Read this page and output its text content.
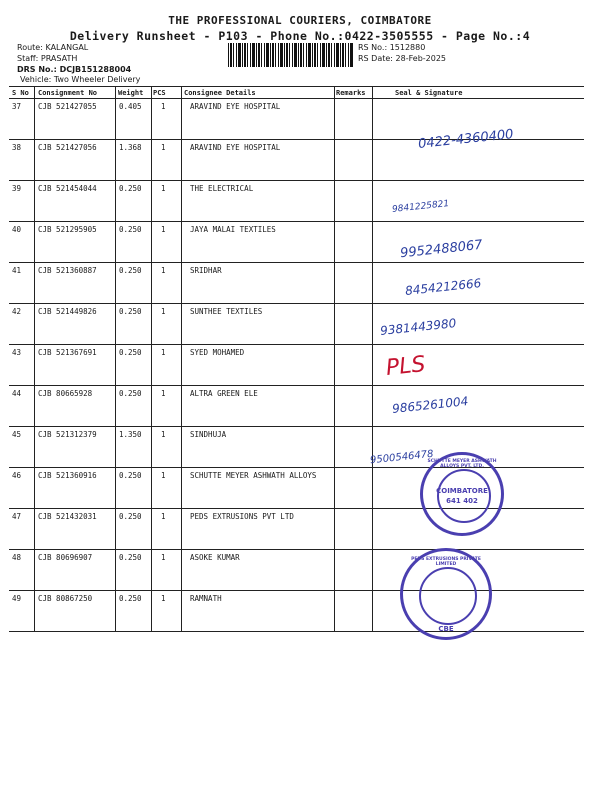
THE PROFESSIONAL COURIERS, COIMBATORE
Delivery Runsheet - P103 - Phone No.:0422-3505555 - Page No.:4
Route: KALANGAL
Staff: PRASATH
DRS No.: DCJB151288004
Vehicle: Two Wheeler Delivery
RS No.: 1512880
RS Date: 28-Feb-2025
S No Consignment No	Weight PCS	Consignee Details	Remarks	Seal & Signature
37 CJB 521427055	0.405	1	ARAVIND EYE HOSPITAL
38 CJB 521427056	1.368	1	ARAVIND EYE HOSPITAL
39 CJB 521454044	0.250	1	THE ELECTRICAL
40 CJB 521295905	0.250	1	JAYA MALAI TEXTILES
41 CJB 521360887	0.250	1	SRIDHAR
42 CJB 521449826	0.250	1	SUNTHEE TEXTILES
43 CJB 521367691	0.250	1	SYED MOHAMED
44 CJB 80665928	0.250	1	ALTRA GREEN ELE
45 CJB 521312379	1.350	1	SINDHUJA
46 CJB 521360916	0.250	1	SCHUTTE MEYER ASHWATH ALLOYS
47 CJB 521432031	0.250	1	PEDS EXTRUSIONS PVT LTD
48 CJB 80696907	0.250	1	ASOKE KUMAR
49 CJB 80867250	0.250	1	RAMNATH
0422-4360400
9841225821
9952488067
8454212666
9381443980
PLS
9865261004
9500546478
SCHUTTE MEYER ASHWATH ALLOYS PVT. LTD.
COIMBATORE
641 402
PEDS EXTRUSIONS PRIVATE LIMITED
CBE
